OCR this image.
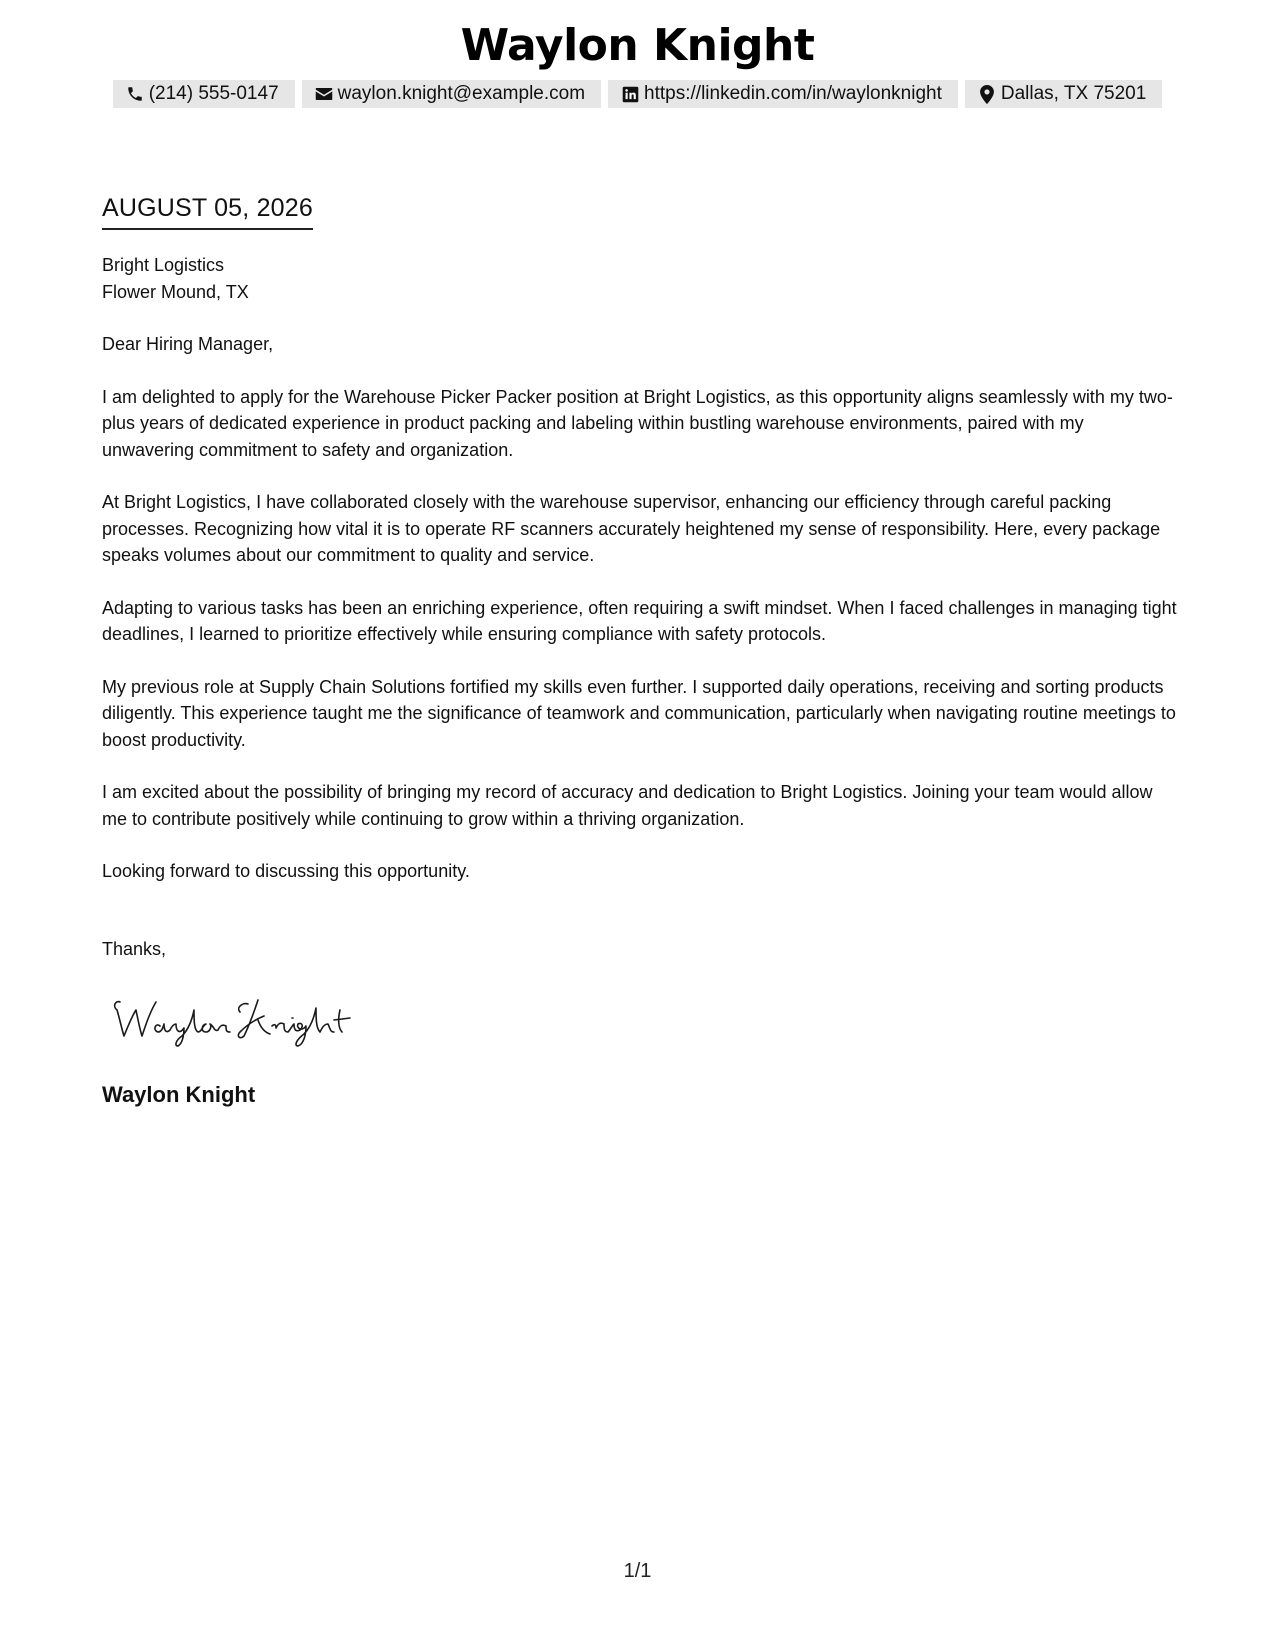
Waylon Knight
(214) 555-0147	waylon.knight@example.com	https://linkedin.com/in/waylonknight	Dallas, TX 75201
AUGUST 05, 2026

Bright Logistics

Flower Mound, TX

Dear Hiring Manager,

I am delighted to apply for the Warehouse Picker Packer position at Bright Logistics, as this opportunity aligns seamlessly with my two-plus years of dedicated experience in product packing and labeling within bustling warehouse environments, paired with my unwavering commitment to safety and organization.

At Bright Logistics, I have collaborated closely with the warehouse supervisor, enhancing our efficiency through careful packing processes. Recognizing how vital it is to operate RF scanners accurately heightened my sense of responsibility. Here, every package speaks volumes about our commitment to quality and service.

Adapting to various tasks has been an enriching experience, often requiring a swift mindset. When I faced challenges in managing tight deadlines, I learned to prioritize effectively while ensuring compliance with safety protocols.

My previous role at Supply Chain Solutions fortified my skills even further. I supported daily operations, receiving and sorting products diligently. This experience taught me the significance of teamwork and communication, particularly when navigating routine meetings to boost productivity.

I am excited about the possibility of bringing my record of accuracy and dedication to Bright Logistics. Joining your team would allow me to contribute positively while continuing to grow within a thriving organization.

Looking forward to discussing this opportunity.

Thanks,
Waylon Knight
1/1
